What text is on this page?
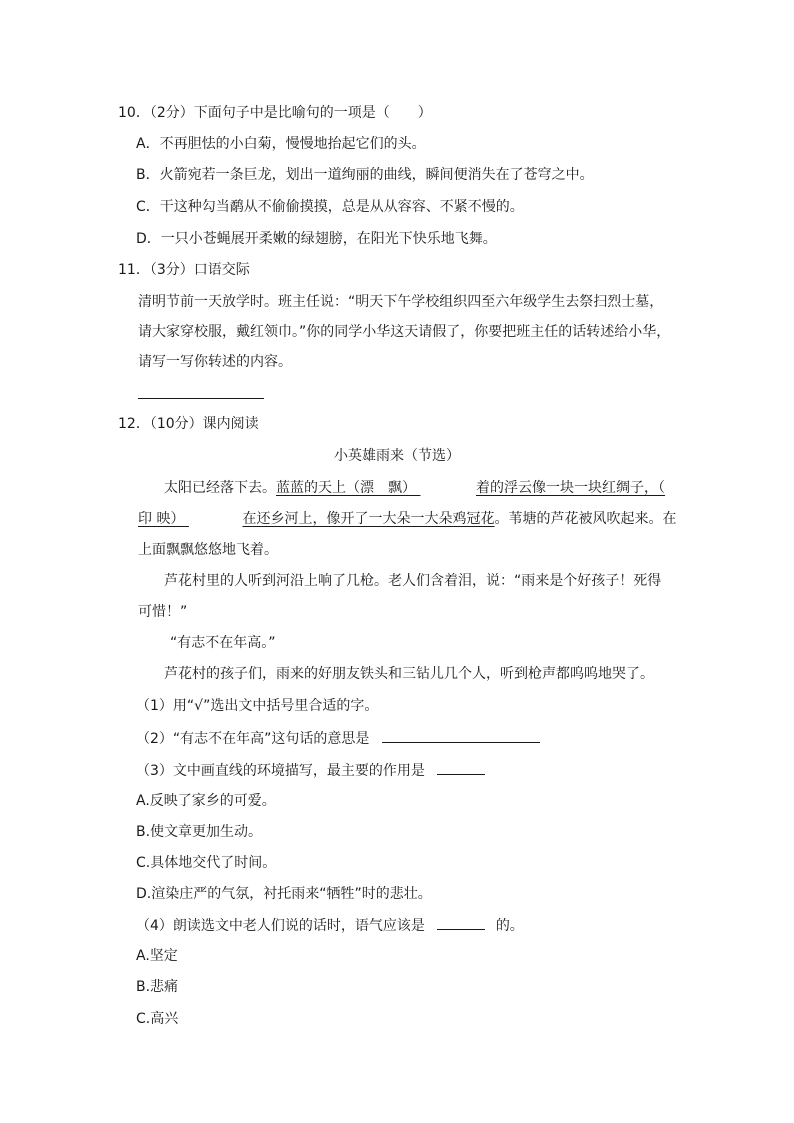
10．（2分）下面句子中是比喻句的一项是（　　）
A．不再胆怯的小白菊，慢慢地抬起它们的头。
B．火箭宛若一条巨龙，划出一道绚丽的曲线，瞬间便消失在了苍穹之中。
C．干这种勾当鹬从不偷偷摸摸，总是从从容容、不紧不慢的。
D．一只小苍蝇展开柔嫩的绿翅膀，在阳光下快乐地飞舞。
11．（3分）口语交际
清明节前一天放学时。班主任说：“明天下午学校组织四至六年级学生去祭扫烈士墓，
请大家穿校服，戴红领巾。”你的同学小华这天请假了，你要把班主任的话转述给小华，
请写一写你转述的内容。
12．（10分）课内阅读
小英雄雨来（节选）
太阳已经落下去。蓝蓝的天上（漂　飘）	着的浮云像一块一块红绸子，（
印 映）	在还乡河上，像开了一大朵一大朵鸡冠花。苇塘的芦花被风吹起来。在
上面飘飘悠悠地飞着。
芦花村里的人听到河沿上响了几枪。老人们含着泪，说：“雨来是个好孩子！死得
可惜！”
“有志不在年高。”
芦花村的孩子们，雨来的好朋友铁头和三钻儿几个人，听到枪声都呜呜地哭了。
（1）用“√”选出文中括号里合适的字。
（2）“有志不在年高”这句话的意思是
（3）文中画直线的环境描写，最主要的作用是
A.反映了家乡的可爱。
B.使文章更加生动。
C.具体地交代了时间。
D.渲染庄严的气氛，衬托雨来“牺牲”时的悲壮。
（4）朗读选文中老人们说的话时，语气应该是	的。
A.坚定
B.悲痛
C.高兴
